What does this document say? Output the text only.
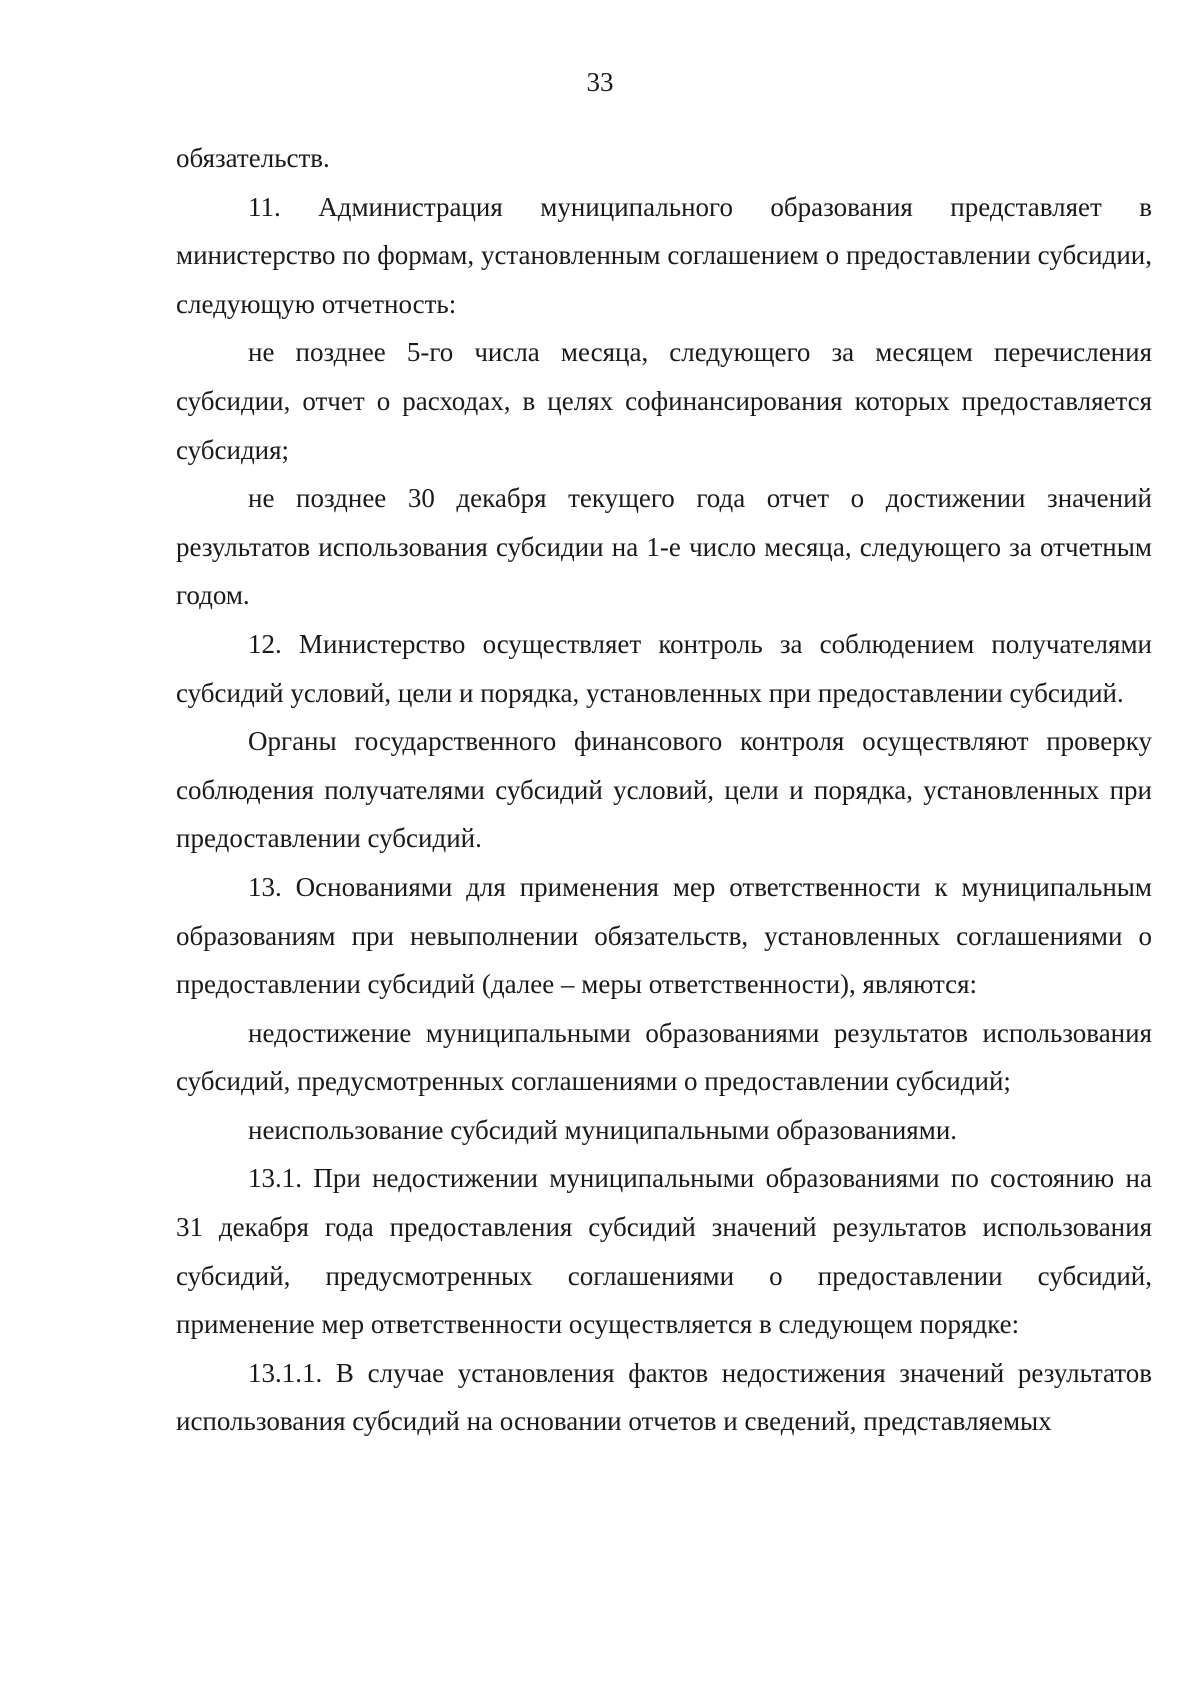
33

обязательств.

11. Администрация муниципального образования представляет в министерство по формам, установленным соглашением о предоставлении субсидии, следующую отчетность:

не позднее 5-го числа месяца, следующего за месяцем перечисления субсидии, отчет о расходах, в целях софинансирования которых предоставляется субсидия;

не позднее 30 декабря текущего года отчет о достижении значений результатов использования субсидии на 1-е число месяца, следующего за отчетным годом.

12. Министерство осуществляет контроль за соблюдением получателями субсидий условий, цели и порядка, установленных при предоставлении субсидий.

Органы государственного финансового контроля осуществляют проверку соблюдения получателями субсидий условий, цели и порядка, установленных при предоставлении субсидий.

13. Основаниями для применения мер ответственности к муниципальным образованиям при невыполнении обязательств, установленных соглашениями о предоставлении субсидий (далее – меры ответственности), являются:

недостижение муниципальными образованиями результатов использования субсидий, предусмотренных соглашениями о предоставлении субсидий;

неиспользование субсидий муниципальными образованиями.

13.1. При недостижении муниципальными образованиями по состоянию на 31 декабря года предоставления субсидий значений результатов использования субсидий, предусмотренных соглашениями о предоставлении субсидий, применение мер ответственности осуществляется в следующем порядке:

13.1.1. В случае установления фактов недостижения значений результатов использования субсидий на основании отчетов и сведений, представляемых
